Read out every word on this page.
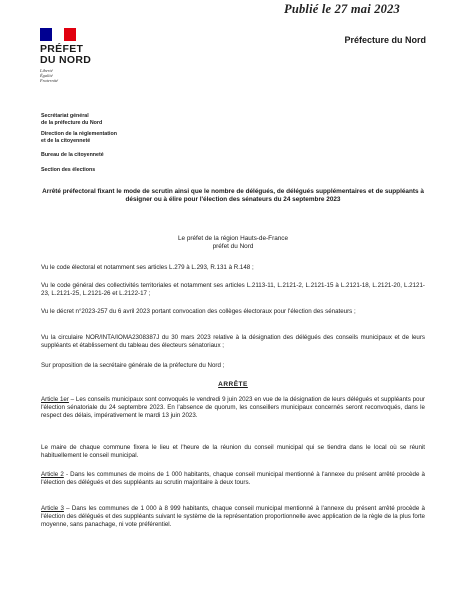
Publié le 27 mai 2023
PRÉFET
DU NORD
Liberté
Égalité
Fraternité
Préfecture du Nord
Secrétariat général
de la préfecture du Nord
Direction de la réglementation
et de la citoyenneté
Bureau de la citoyenneté
Section des élections
Arrêté préfectoral fixant le mode de scrutin ainsi que le nombre de délégués, de délégués supplémentaires et de suppléants à désigner ou à élire pour l'élection des sénateurs du 24 septembre 2023
Le préfet de la région Hauts-de-France
préfet du Nord
Vu le code électoral et notamment ses articles L.279 à L.293, R.131 à R.148 ;
Vu le code général des collectivités territoriales et notamment ses articles L.2113-11, L.2121-2, L.2121-15 à L.2121-18, L.2121-20, L.2121-23, L.2121-25, L.2121-26 et L.2122-17 ;
Vu le décret n°2023-257 du 6 avril 2023 portant convocation des collèges électoraux pour l'élection des sénateurs ;
Vu la circulaire NOR/INTA/IOMA2308387J du 30 mars 2023 relative à la désignation des délégués des conseils municipaux et de leurs suppléants et établissement du tableau des électeurs sénatoriaux ;
Sur proposition de la secrétaire générale de la préfecture du Nord ;
ARRÊTE
Article 1er – Les conseils municipaux sont convoqués le vendredi 9 juin 2023 en vue de la désignation de leurs délégués et suppléants pour l'élection sénatoriale du 24 septembre 2023. En l'absence de quorum, les conseillers municipaux concernés seront reconvoqués, dans le respect des délais, impérativement le mardi 13 juin 2023.
Le maire de chaque commune fixera le lieu et l'heure de la réunion du conseil municipal qui se tiendra dans le local où se réunit habituellement le conseil municipal.
Article 2 - Dans les communes de moins de 1 000 habitants, chaque conseil municipal mentionné à l'annexe du présent arrêté procède à l'élection des délégués et des suppléants au scrutin majoritaire à deux tours.
Article 3 – Dans les communes de 1 000 à 8 999 habitants, chaque conseil municipal mentionné à l'annexe du présent arrêté procède à l'élection des délégués et des suppléants suivant le système de la représentation proportionnelle avec application de la règle de la plus forte moyenne, sans panachage, ni vote préférentiel.
